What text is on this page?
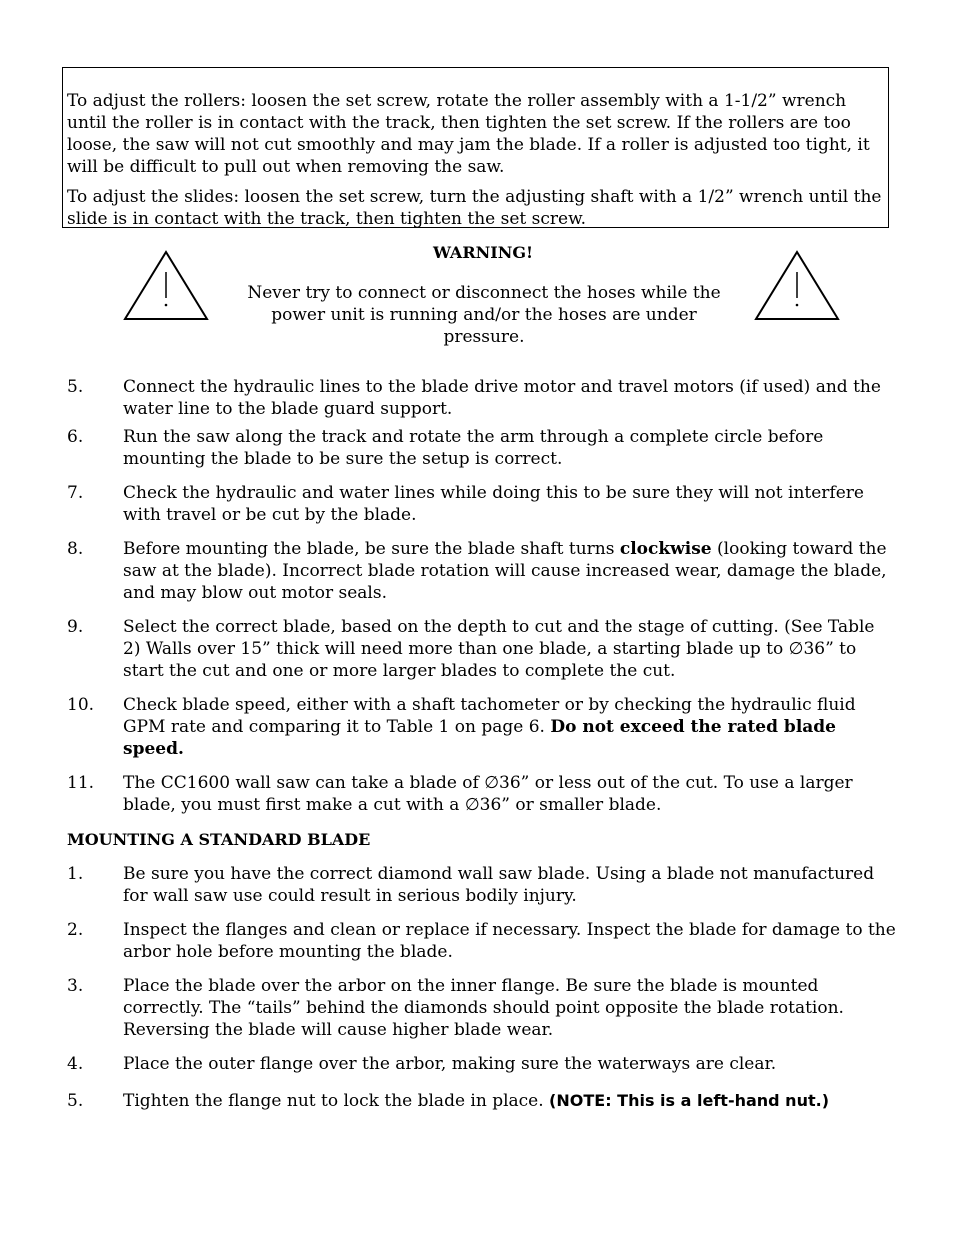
To adjust the rollers: loosen the set screw, rotate the roller assembly with a 1-1/2” wrench until the roller is in contact with the track, then tighten the set screw. If the rollers are too loose, the saw will not cut smoothly and may jam the blade. If a roller is adjusted too tight, it will be difficult to pull out when removing the saw.

To adjust the slides: loosen the set screw, turn the adjusting shaft with a 1/2” wrench until the slide is in contact with the track, then tighten the set screw.

WARNING!
Never try to connect or disconnect the hoses while the power unit is running and/or the hoses are under pressure.
5. Connect the hydraulic lines to the blade drive motor and travel motors (if used) and the water line to the blade guard support.
6. Run the saw along the track and rotate the arm through a complete circle before mounting the blade to be sure the setup is correct.
7. Check the hydraulic and water lines while doing this to be sure they will not interfere with travel or be cut by the blade.
8. Before mounting the blade, be sure the blade shaft turns clockwise (looking toward the saw at the blade). Incorrect blade rotation will cause increased wear, damage the blade, and may blow out motor seals.
9. Select the correct blade, based on the depth to cut and the stage of cutting. (See Table 2) Walls over 15” thick will need more than one blade, a starting blade up to ∅36” to start the cut and one or more larger blades to complete the cut.
10. Check blade speed, either with a shaft tachometer or by checking the hydraulic fluid GPM rate and comparing it to Table 1 on page 6. Do not exceed the rated blade speed.
11. The CC1600 wall saw can take a blade of ∅36” or less out of the cut. To use a larger blade, you must first make a cut with a ∅36” or smaller blade.
MOUNTING A STANDARD BLADE
1. Be sure you have the correct diamond wall saw blade. Using a blade not manufactured for wall saw use could result in serious bodily injury.
2. Inspect the flanges and clean or replace if necessary. Inspect the blade for damage to the arbor hole before mounting the blade.
3. Place the blade over the arbor on the inner flange. Be sure the blade is mounted correctly. The “tails” behind the diamonds should point opposite the blade rotation. Reversing the blade will cause higher blade wear.
4. Place the outer flange over the arbor, making sure the waterways are clear.
5. Tighten the flange nut to lock the blade in place. (NOTE: This is a left-hand nut.)
